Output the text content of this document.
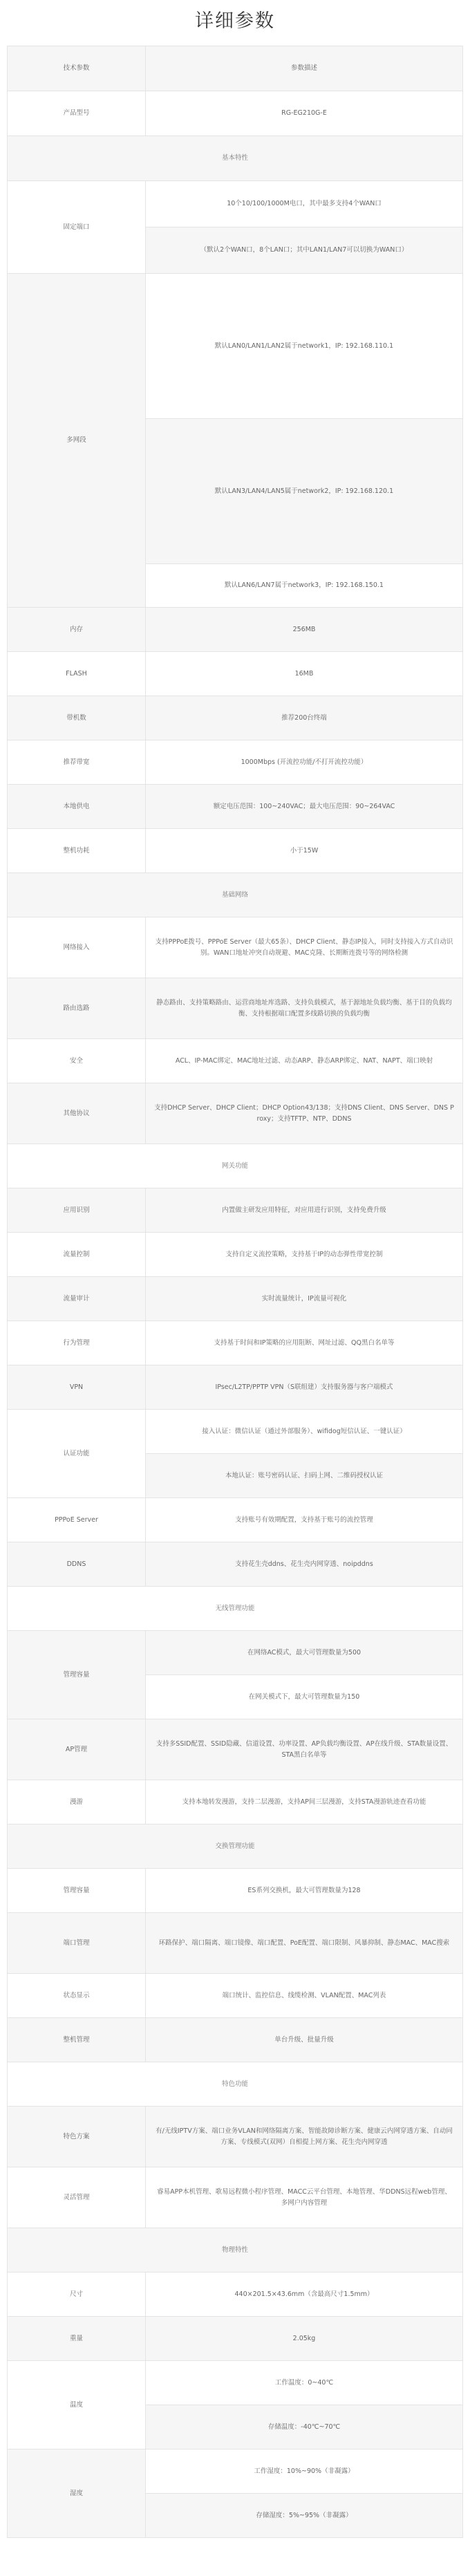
详细参数
技术参数	参数描述
产品型号	RG-EG210G-E
基本特性	
固定端口	10个10/100/1000M电口，其中最多支持4个WAN口
	（默认2个WAN口，8个LAN口；其中LAN1/LAN7可以切换为WAN口）
多网段	默认LAN0/LAN1/LAN2属于network1，IP: 192.168.110.1
	默认LAN3/LAN4/LAN5属于network2，IP: 192.168.120.1
	默认LAN6/LAN7属于network3，IP: 192.168.150.1
内存	256MB
FLASH	16MB
带机数	推荐200台终端
推荐带宽	1000Mbps (开流控功能/不打开流控功能）
本地供电	额定电压范围：100~240VAC；最大电压范围：90~264VAC
整机功耗	小于15W
基础网络	
网络接入	支持PPPoE拨号、PPPoE Server（最大65条）、DHCP Client、静态IP接入，同时支持接入方式自动识别。WAN口地址冲突自动规避、MAC克隆、长期断连拨号等的网络检测
路由选路	静态路由、支持策略路由、运营商地址库选路、支持负载模式，基于源地址负载均衡、基于目的负载均衡、支持根据端口配置多线路切换的负载均衡
安全	ACL、IP-MAC绑定、MAC地址过滤、动态ARP、静态ARP绑定、NAT、NAPT、端口映射
其他协议	支持DHCP Server、DHCP Client；DHCP Option43/138；支持DNS Client、DNS Server、DNS Proxy；支持TFTP、NTP、DDNS
网关功能	
应用识别	内置做主研发应用特征，对应用进行识别，支持免费升级
流量控制	支持自定义流控策略，支持基于IP的动态弹性带宽控制
流量审计	实时流量统计，IP流量可视化
行为管理	支持基于时间和IP策略的应用阻断、网址过滤、QQ黑白名单等
VPN	IPsec/L2TP/PPTP VPN（S联组建）支持服务器与客户端模式
认证功能	接入认证：微信认证（通过外部服务）、wifidog短信认证、一键认证）
	本地认证：账号密码认证、扫码上网、二维码授权认证
PPPoE Server	支持账号有效期配置，支持基于账号的流控管理
DDNS	支持花生壳ddns、花生壳内网穿透、noipddns
无线管理功能	
管理容量	在网络AC模式，最大可管理数量为500
	在网关模式下，最大可管理数量为150
AP管理	支持多SSID配置、SSID隐藏、信道设置、功率设置、AP负载均衡设置、AP在线升级、STA数量设置、STA黑白名单等
漫游	支持本地转发漫游，支持二层漫游，支持AP间三层漫游，支持STA漫游轨迹查看功能
交换管理功能	
管理容量	ES系列交换机，最大可管理数量为128
端口管理	环路保护、端口隔离、端口镜像、端口配置、PoE配置、端口限制、风暴抑制、静态MAC、MAC搜索
状态显示	端口统计、监控信息、线缆检测、VLAN配置、MAC列表
整机管理	单台升级、批量升级
特色功能	
特色方案	有/无线IPTV方案、端口业务VLAN和网络隔离方案、智能故障诊断方案、健康云内网穿透方案、自动同方案、专线模式(双网）自相提上网方案、花生壳内网穿透
灵活管理	睿易APP本机管理、歌易远程微小程序管理、MACC云平台管理、本地管理、华DDNS远程web管理、多网户内容管理
物理特性	
尺寸	440×201.5×43.6mm（含最高尺寸1.5mm）
重量	2.05kg
温度	工作温度：0~40℃
	存储温度：-40℃~70℃
湿度	工作湿度：10%~90%（非凝露）
	存储湿度：5%~95%（非凝露）
